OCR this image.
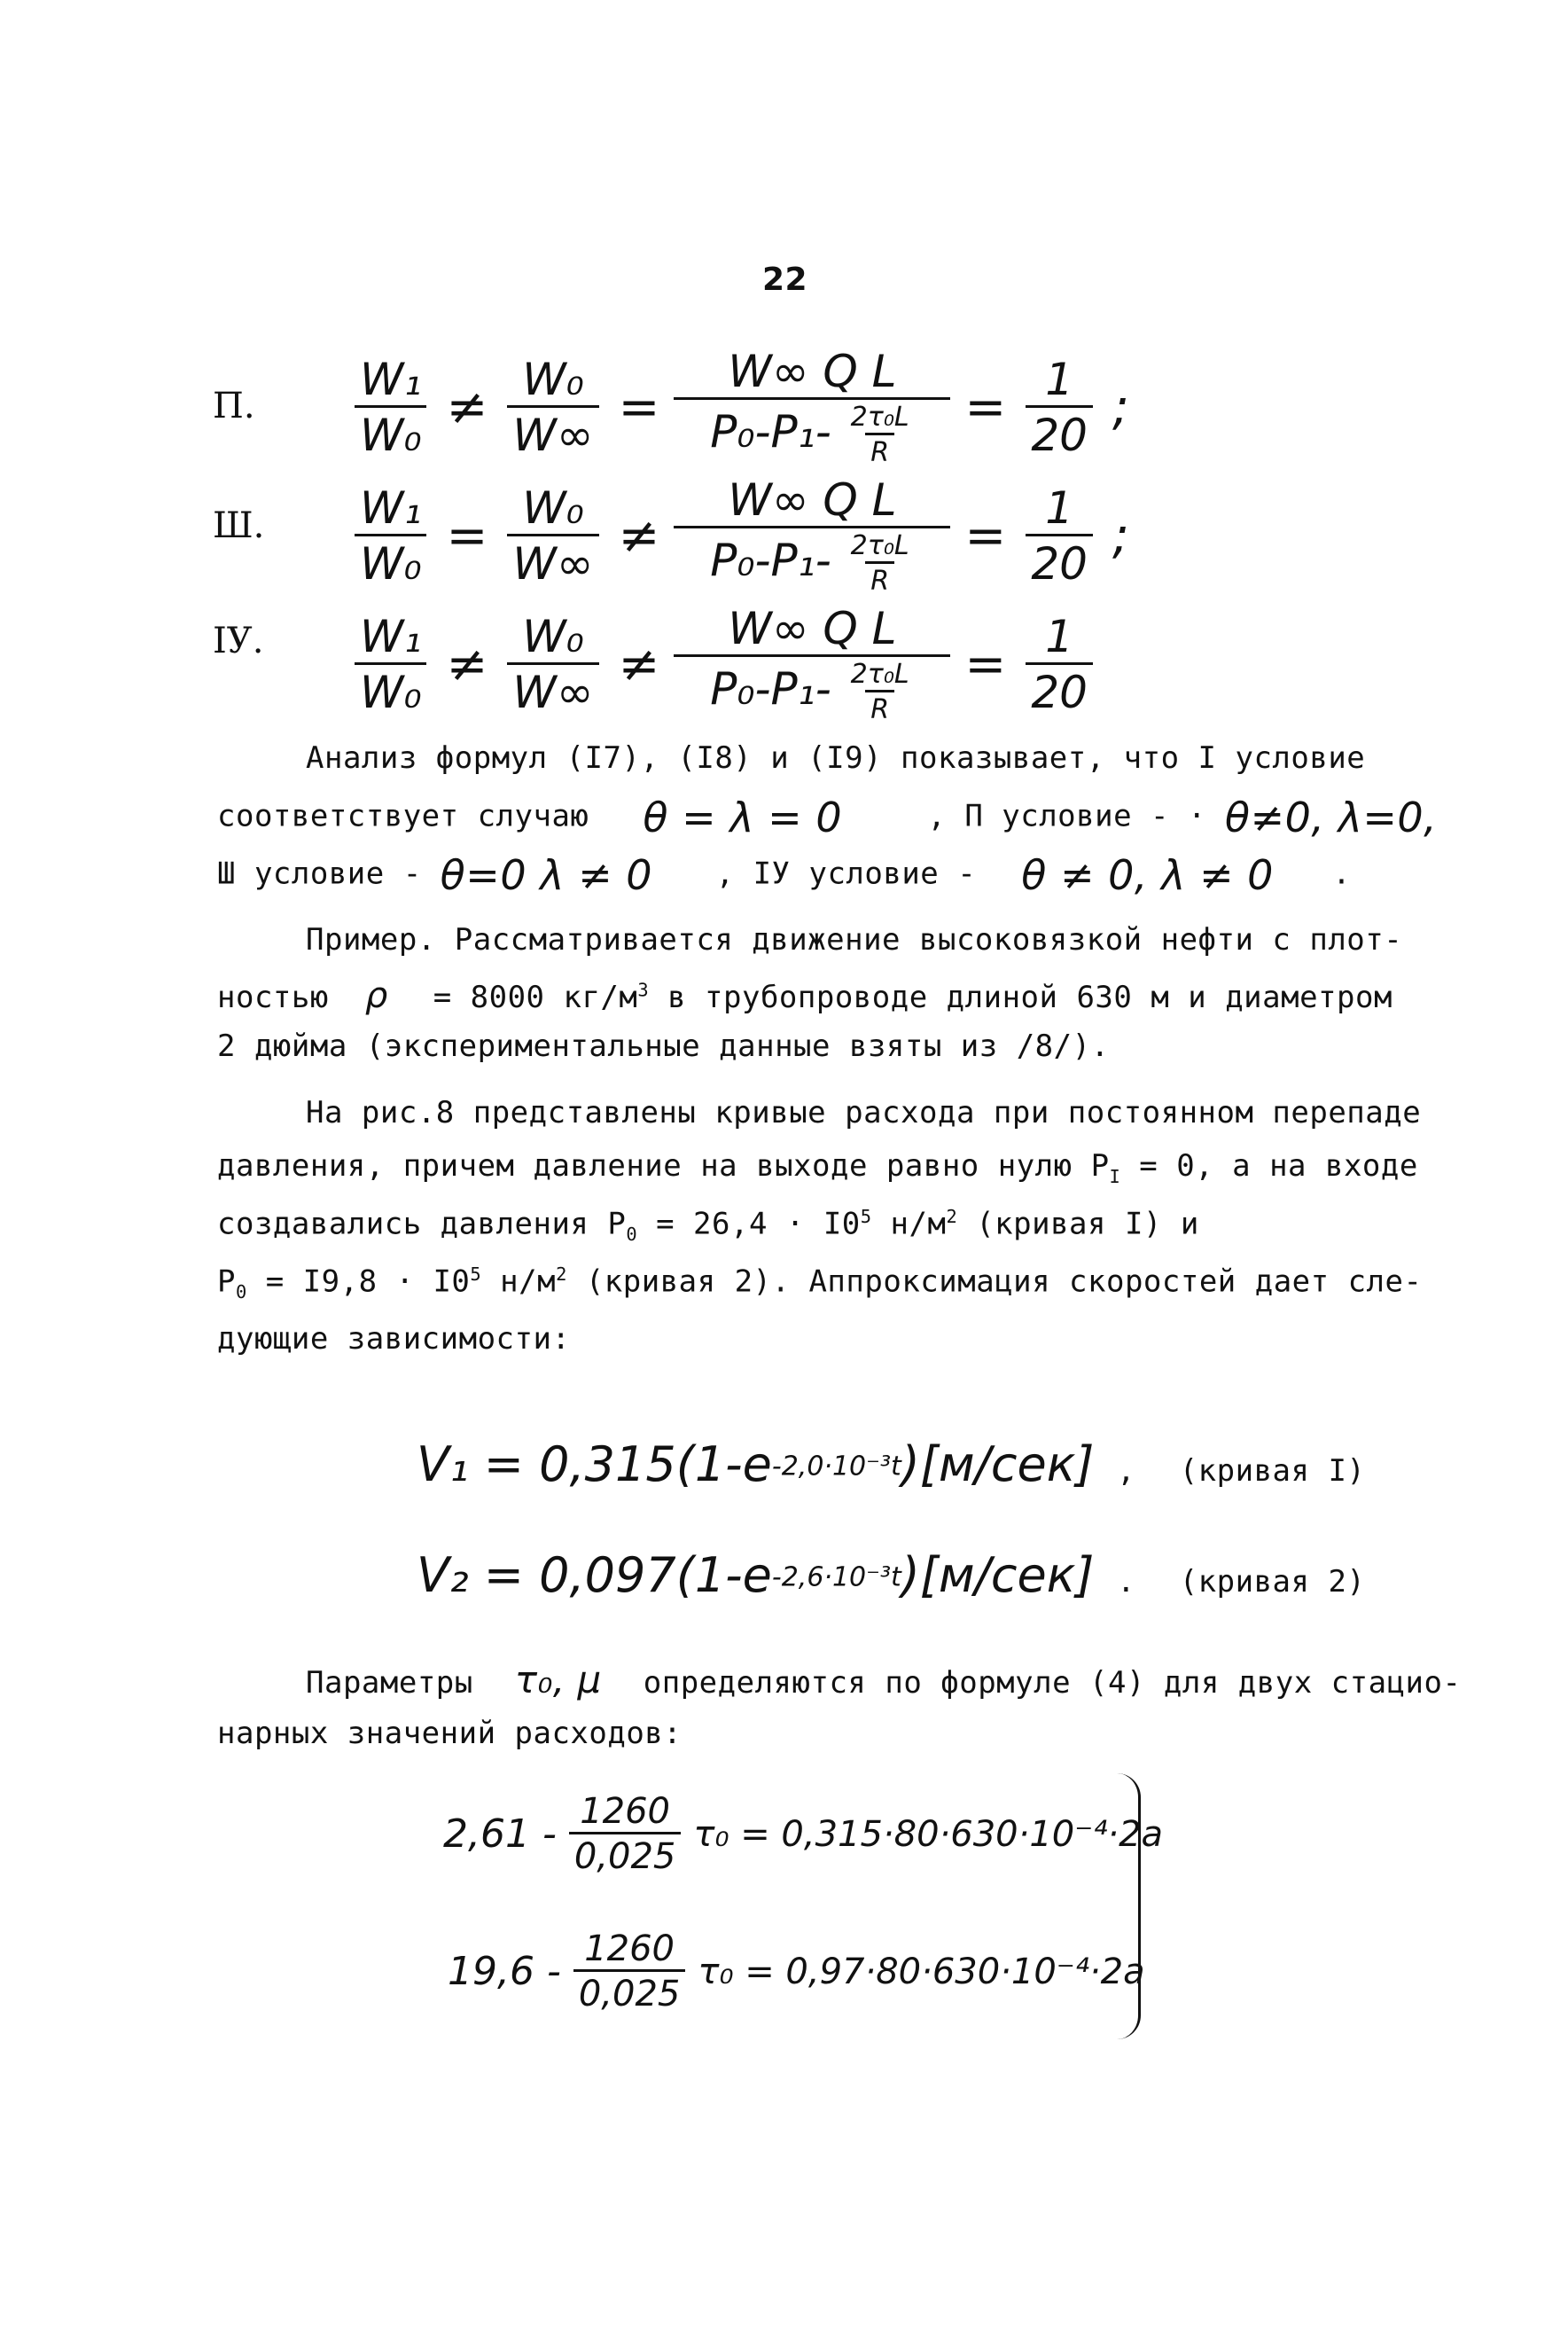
22
П. $\frac{\text{W₁}}{\text{W₀}} \ne \frac{\text{W₀}}{W\infty} = \frac{\text{W∞ Q L}}{P_0-P_1- \frac{\text{2τ₀L}}{R}} = \frac{1}{20}$ ;
Ш. $\frac{\text{W₁}}{\text{W₀}} = \frac{\text{W₀}}{W\infty} \ne \frac{\text{W∞ Q L}}{P_0-P_1- \frac{\text{2τ₀L}}{R}} = \frac{1}{20}$ ;
IУ. $\frac{\text{W₁}}{\text{W₀}} \ne \frac{\text{W₀}}{W\infty} \ne \frac{\text{W∞ Q L}}{P_0-P_1- \frac{\text{2τ₀L}}{R}} = \frac{1}{20}$
Анализ формул (I7), (I8) и (I9) показывает, что I условие
соответствует случаю θ = λ = 0	, П условие - · θ≠0, λ=0,
Ш условие - θ=0 λ ≠ 0 , IУ условие - θ ≠ 0, λ ≠ 0 .
Пример. Рассматривается движение высоковязкой нефти с плот-
ностью ρ = 8000 $кг/м^3$ в трубопроводе длиной 630 м и диаметром
2 дюйма (экспериментальные данные взяты из /8/).
На рис.8 представлены кривые расхода при постоянном перепаде
давления, причем давление на выходе равно нулю $P_I = 0$, а на входе
создавались давления $P_0 = 26,4 \cdot I0^5$ $н/м^2$ (кривая I) и
$P_0 = I9,8 \cdot I0^5$ $н/м^2$ (кривая 2). Аппроксимация скоростей дает сле-
дующие зависимости:
$V_1 = 0,315(1-e^{-2,0\cdot 10^{-3}t})[м/сек]$ , (кривая I)
$V_2 = 0,097(1-e^{-2,6\cdot 10^{-3}t})[м/сек]$ . (кривая 2)
Параметры τ₀, μ определяются по формуле (4) для двух стацио-
нарных значений расходов:
$2,61 - \frac{1260}{0,025} \tau_0 = 0,315\cdot 80\cdot 630\cdot 10^{-4}\cdot 2a$
$19,6 - \frac{1260}{0,025} \tau_0 = 0,97\cdot 80\cdot 630\cdot 10^{-4}\cdot 2a$
